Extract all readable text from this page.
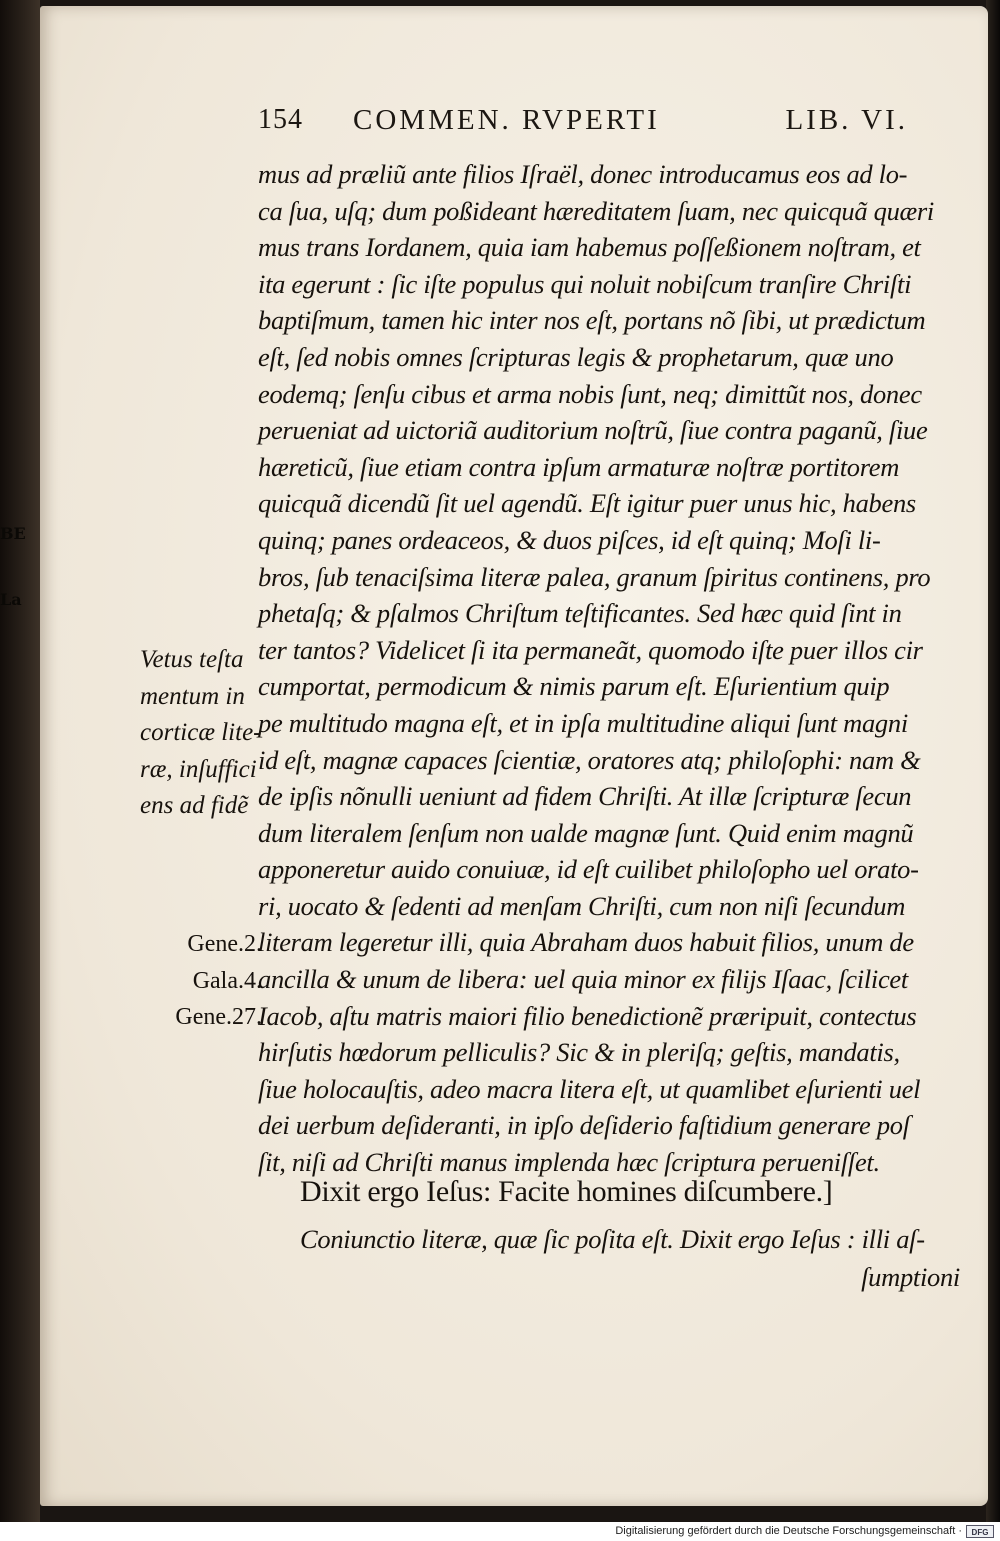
BE
La
154 COMMEN. RVPERTI	LIB. VI.
mus ad præliũ ante filios Iſraël, donec introducamus eos ad lo-
ca ſua, uſq; dum poßideant hæreditatem ſuam, nec quicquã quæri
mus trans Iordanem, quia iam habemus poſſeßionem noſtram, et
ita egerunt : ſic iſte populus qui noluit nobiſcum tranſire Chriſti
baptiſmum, tamen hic inter nos eſt, portans nõ ſibi, ut prædictum
eſt, ſed nobis omnes ſcripturas legis & prophetarum, quæ uno
eodemq; ſenſu cibus et arma nobis ſunt, neq; dimittũt nos, donec
perueniat ad uictoriã auditorium noſtrũ, ſiue contra paganũ, ſiue
hæreticũ, ſiue etiam contra ipſum armaturæ noſtræ portitorem
quicquã dicendũ ſit uel agendũ. Eſt igitur puer unus hic, habens
quinq; panes ordeaceos, & duos piſces, id eſt quinq; Moſi li-
bros, ſub tenaciſsima literæ palea, granum ſpiritus continens, pro
phetaſq; & pſalmos Chriſtum teſtificantes. Sed hæc quid ſint in
ter tantos? Videlicet ſi ita permaneãt, quomodo iſte puer illos cir
cumportat, permodicum & nimis parum eſt. Eſurientium quip
pe multitudo magna eſt, et in ipſa multitudine aliqui ſunt magni
id eſt, magnæ capaces ſcientiæ, oratores atq; philoſophi: nam &
de ipſis nõnulli ueniunt ad fidem Chriſti. At illæ ſcripturæ ſecun
dum literalem ſenſum non ualde magnæ ſunt. Quid enim magnũ
apponeretur auido conuiuæ, id eſt cuilibet philoſopho uel orato-
ri, uocato & ſedenti ad menſam Chriſti, cum non niſi ſecundum
literam legeretur illi, quia Abraham duos habuit filios, unum de
ancilla & unum de libera: uel quia minor ex filijs Iſaac, ſcilicet
Iacob, aſtu matris maiori filio benedictionẽ præripuit, contectus
hirſutis hœdorum pelliculis? Sic & in pleriſq; geſtis, mandatis,
ſiue holocauſtis, adeo macra litera eſt, ut quamlibet eſurienti uel
dei uerbum deſideranti, in ipſo deſiderio faſtidium generare poſ
ſit, niſi ad Chriſti manus implenda hæc ſcriptura perueniſſet.
Vetus teſta
mentum in
corticæ lite-
ræ, inſuffici
ens ad fidẽ
Gene.2.
Gala.4.
Gene.27.
Dixit ergo Ieſus: Facite homines diſcumbere.]
Coniunctio literæ, quæ ſic poſita eſt. Dixit ergo Ieſus : illi aſ-
ſumptioni
Digitalisierung gefördert durch die Deutsche Forschungsgemeinschaft ·	DFG
